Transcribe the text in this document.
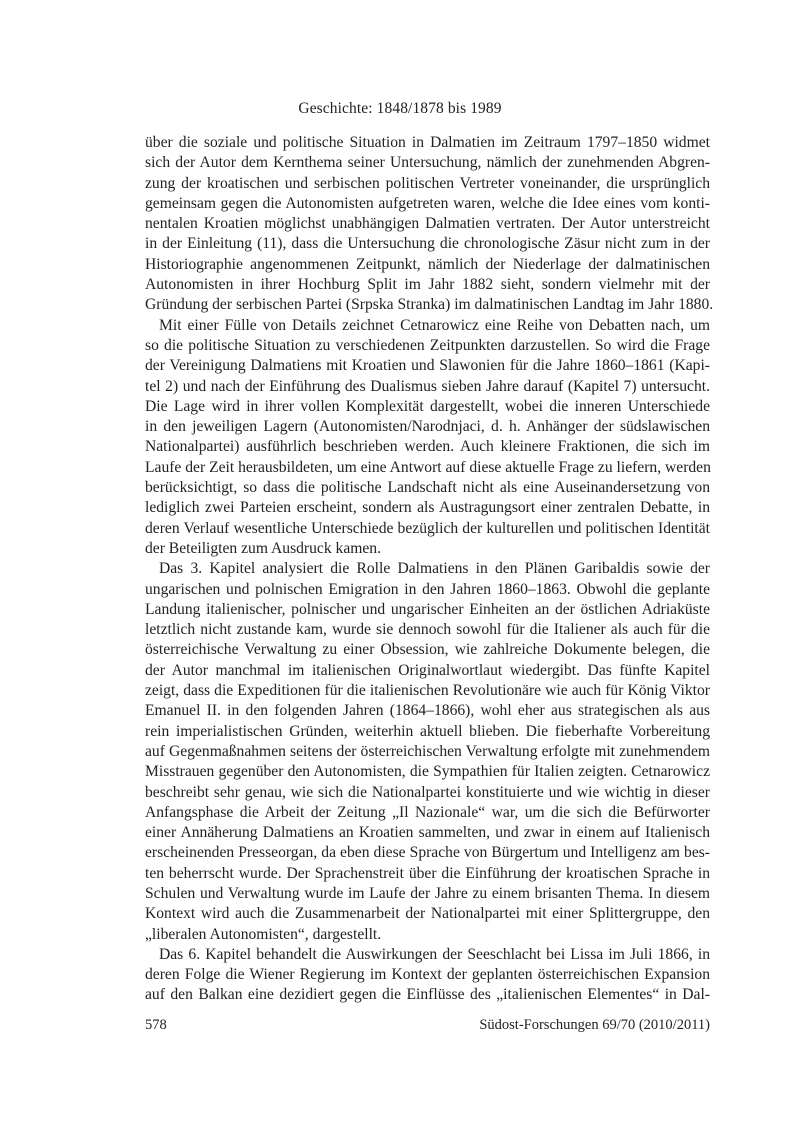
Geschichte: 1848/1878 bis 1989
über die soziale und politische Situation in Dalmatien im Zeitraum 1797–1850 widmet
sich der Autor dem Kernthema seiner Untersuchung, nämlich der zunehmenden Abgren-
zung der kroatischen und serbischen politischen Vertreter voneinander, die ursprünglich
gemeinsam gegen die Autonomisten aufgetreten waren, welche die Idee eines vom konti-
nentalen Kroatien möglichst unabhängigen Dalmatien vertraten. Der Autor unterstreicht
in der Einleitung (11), dass die Untersuchung die chronologische Zäsur nicht zum in der
Historiographie angenommenen Zeitpunkt, nämlich der Niederlage der dalmatinischen
Autonomisten in ihrer Hochburg Split im Jahr 1882 sieht, sondern vielmehr mit der
Gründung der serbischen Partei (Srpska Stranka) im dalmatinischen Landtag im Jahr 1880.
Mit einer Fülle von Details zeichnet Cetnarowicz eine Reihe von Debatten nach, um
so die politische Situation zu verschiedenen Zeitpunkten darzustellen. So wird die Frage
der Vereinigung Dalmatiens mit Kroatien und Slawonien für die Jahre 1860–1861 (Kapi-
tel 2) und nach der Einführung des Dualismus sieben Jahre darauf (Kapitel 7) untersucht.
Die Lage wird in ihrer vollen Komplexität dargestellt, wobei die inneren Unterschiede
in den jeweiligen Lagern (Autonomisten/Narodnjaci, d. h. Anhänger der südslawischen
Nationalpartei) ausführlich beschrieben werden. Auch kleinere Fraktionen, die sich im
Laufe der Zeit herausbildeten, um eine Antwort auf diese aktuelle Frage zu liefern, werden
berücksichtigt, so dass die politische Landschaft nicht als eine Auseinandersetzung von
lediglich zwei Parteien erscheint, sondern als Austragungsort einer zentralen Debatte, in
deren Verlauf wesentliche Unterschiede bezüglich der kulturellen und politischen Identität
der Beteiligten zum Ausdruck kamen.
Das 3. Kapitel analysiert die Rolle Dalmatiens in den Plänen Garibaldis sowie der
ungarischen und polnischen Emigration in den Jahren 1860–1863. Obwohl die geplante
Landung italienischer, polnischer und ungarischer Einheiten an der östlichen Adriaküste
letztlich nicht zustande kam, wurde sie dennoch sowohl für die Italiener als auch für die
österreichische Verwaltung zu einer Obsession, wie zahlreiche Dokumente belegen, die
der Autor manchmal im italienischen Originalwortlaut wiedergibt. Das fünfte Kapitel
zeigt, dass die Expeditionen für die italienischen Revolutionäre wie auch für König Viktor
Emanuel II. in den folgenden Jahren (1864–1866), wohl eher aus strategischen als aus
rein imperialistischen Gründen, weiterhin aktuell blieben. Die fieberhafte Vorbereitung
auf Gegenmaßnahmen seitens der österreichischen Verwaltung erfolgte mit zunehmendem
Misstrauen gegenüber den Autonomisten, die Sympathien für Italien zeigten. Cetnarowicz
beschreibt sehr genau, wie sich die Nationalpartei konstituierte und wie wichtig in dieser
Anfangsphase die Arbeit der Zeitung „Il Nazionale“ war, um die sich die Befürworter
einer Annäherung Dalmatiens an Kroatien sammelten, und zwar in einem auf Italienisch
erscheinenden Presseorgan, da eben diese Sprache von Bürgertum und Intelligenz am bes-
ten beherrscht wurde. Der Sprachenstreit über die Einführung der kroatischen Sprache in
Schulen und Verwaltung wurde im Laufe der Jahre zu einem brisanten Thema. In diesem
Kontext wird auch die Zusammenarbeit der Nationalpartei mit einer Splittergruppe, den
„liberalen Autonomisten“, dargestellt.
Das 6. Kapitel behandelt die Auswirkungen der Seeschlacht bei Lissa im Juli 1866, in
deren Folge die Wiener Regierung im Kontext der geplanten österreichischen Expansion
auf den Balkan eine dezidiert gegen die Einflüsse des „italienischen Elementes“ in Dal-
578	Südost-Forschungen 69/70 (2010/2011)
